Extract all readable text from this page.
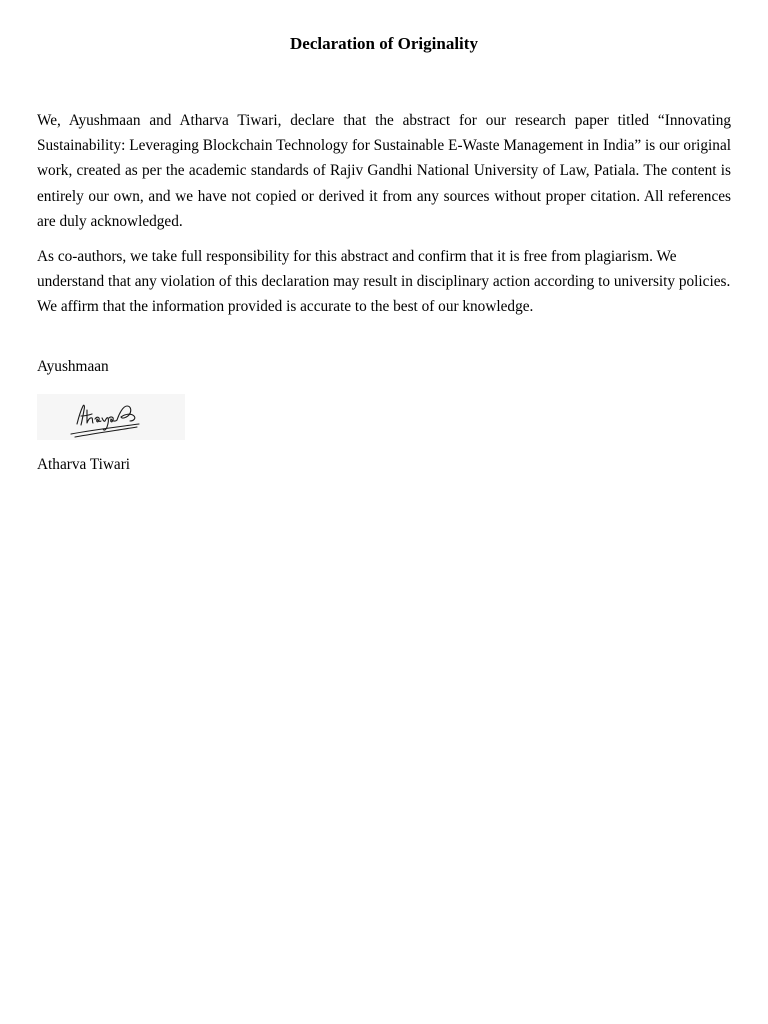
Declaration of Originality

We, Ayushmaan and Atharva Tiwari, declare that the abstract for our research paper titled “Innovating Sustainability: Leveraging Blockchain Technology for Sustainable E-Waste Management in India” is our original work, created as per the academic standards of Rajiv Gandhi National University of Law, Patiala. The content is entirely our own, and we have not copied or derived it from any sources without proper citation. All references are duly acknowledged.

As co-authors, we take full responsibility for this abstract and confirm that it is free from plagiarism. We understand that any violation of this declaration may result in disciplinary action according to university policies. We affirm that the information provided is accurate to the best of our knowledge.

Ayushmaan
Atharva Tiwari
